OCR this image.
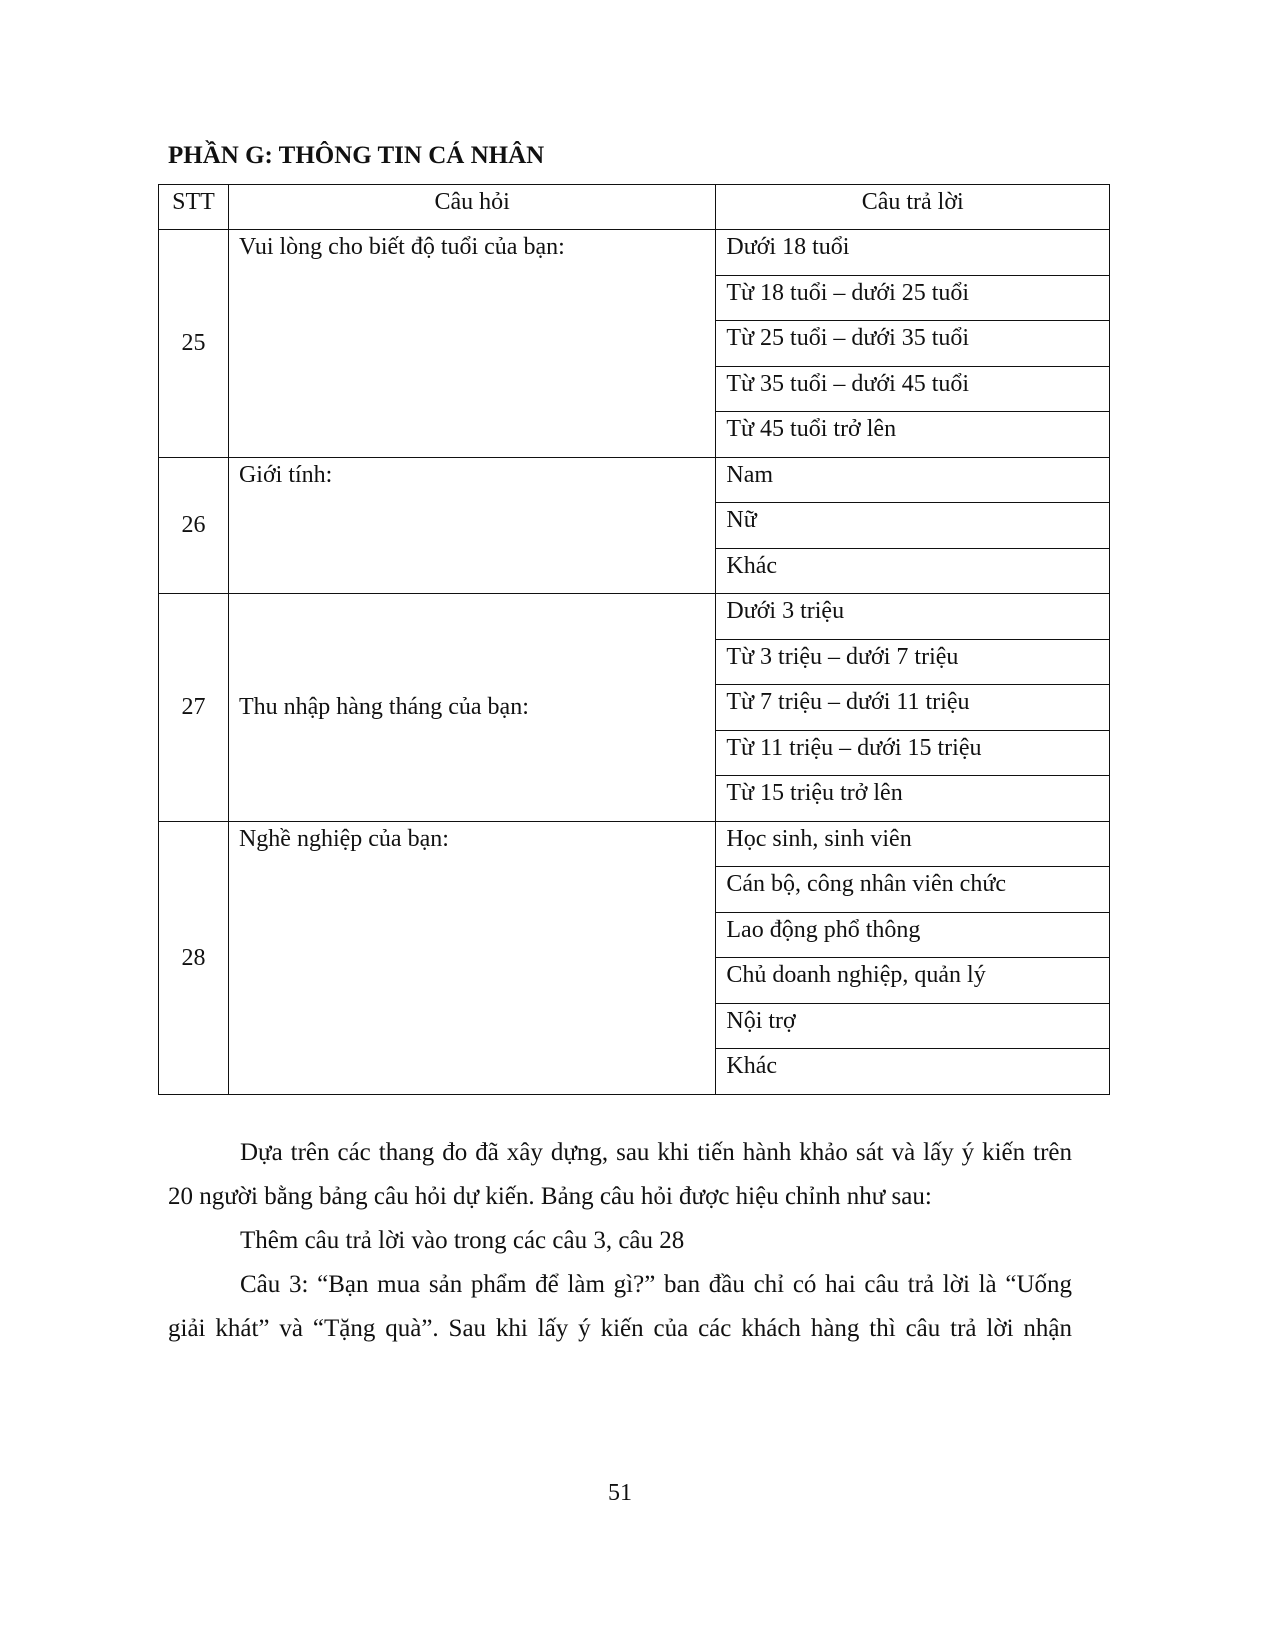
PHẦN G: THÔNG TIN CÁ NHÂN
STT	Câu hỏi	Câu trả lời
25	Vui lòng cho biết độ tuổi của bạn:	Dưới 18 tuổi
		Từ 18 tuổi – dưới 25 tuổi
		Từ 25 tuổi – dưới 35 tuổi
		Từ 35 tuổi – dưới 45 tuổi
		Từ 45 tuổi trở lên
26	Giới tính:	Nam
		Nữ
		Khác
27	Thu nhập hàng tháng của bạn:	Dưới 3 triệu
		Từ 3 triệu – dưới 7 triệu
		Từ 7 triệu – dưới 11 triệu
		Từ 11 triệu – dưới 15 triệu
		Từ 15 triệu trở lên
28	Nghề nghiệp của bạn:	Học sinh, sinh viên
		Cán bộ, công nhân viên chức
		Lao động phổ thông
		Chủ doanh nghiệp, quản lý
		Nội trợ
		Khác

Dựa trên các thang đo đã xây dựng, sau khi tiến hành khảo sát và lấy ý kiến trên

20 người bằng bảng câu hỏi dự kiến. Bảng câu hỏi được hiệu chỉnh như sau:

Thêm câu trả lời vào trong các câu 3, câu 28

Câu 3: “Bạn mua sản phẩm để làm gì?” ban đầu chỉ có hai câu trả lời là “Uống

giải khát” và “Tặng quà”. Sau khi lấy ý kiến của các khách hàng thì câu trả lời nhận

51
